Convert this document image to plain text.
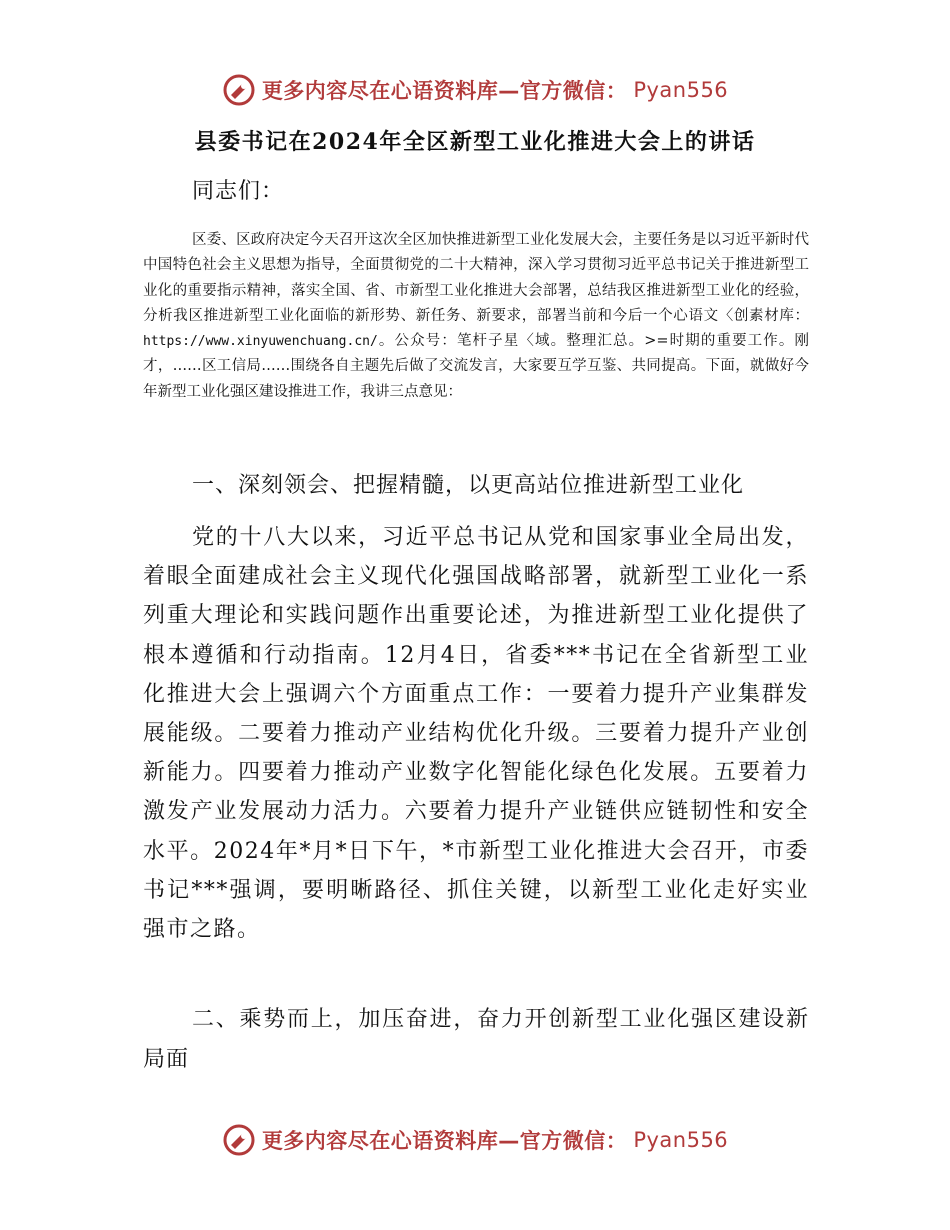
更多内容尽在心语资料库—官方微信： Pyan556
县委书记在2024年全区新型工业化推进大会上的讲话

同志们：

区委、区政府决定今天召开这次全区加快推进新型工业化发展大会，主要任务是以习近平新时代中国特色社会主义思想为指导，全面贯彻党的二十大精神，深入学习贯彻习近平总书记关于推进新型工业化的重要指示精神，落实全国、省、市新型工业化推进大会部署，总结我区推进新型工业化的经验，分析我区推进新型工业化面临的新形势、新任务、新要求，部署当前和今后一个心语文〈创素材库：https://www.xinyuwenchuang.cn/。公众号：笔杆子星〈域。整理汇总。>=时期的重要工作。刚才，……区工信局……围绕各自主题先后做了交流发言，大家要互学互鉴、共同提高。下面，就做好今年新型工业化强区建设推进工作，我讲三点意见：

一、深刻领会、把握精髓，以更高站位推进新型工业化

党的十八大以来，习近平总书记从党和国家事业全局出发，着眼全面建成社会主义现代化强国战略部署，就新型工业化一系列重大理论和实践问题作出重要论述，为推进新型工业化提供了根本遵循和行动指南。12月4日，省委***书记在全省新型工业化推进大会上强调六个方面重点工作：一要着力提升产业集群发展能级。二要着力推动产业结构优化升级。三要着力提升产业创新能力。四要着力推动产业数字化智能化绿色化发展。五要着力激发产业发展动力活力。六要着力提升产业链供应链韧性和安全水平。2024年*月*日下午，*市新型工业化推进大会召开，市委书记***强调，要明晰路径、抓住关键，以新型工业化走好实业强市之路。

二、乘势而上，加压奋进，奋力开创新型工业化强区建设新局面
更多内容尽在心语资料库—官方微信： Pyan556
